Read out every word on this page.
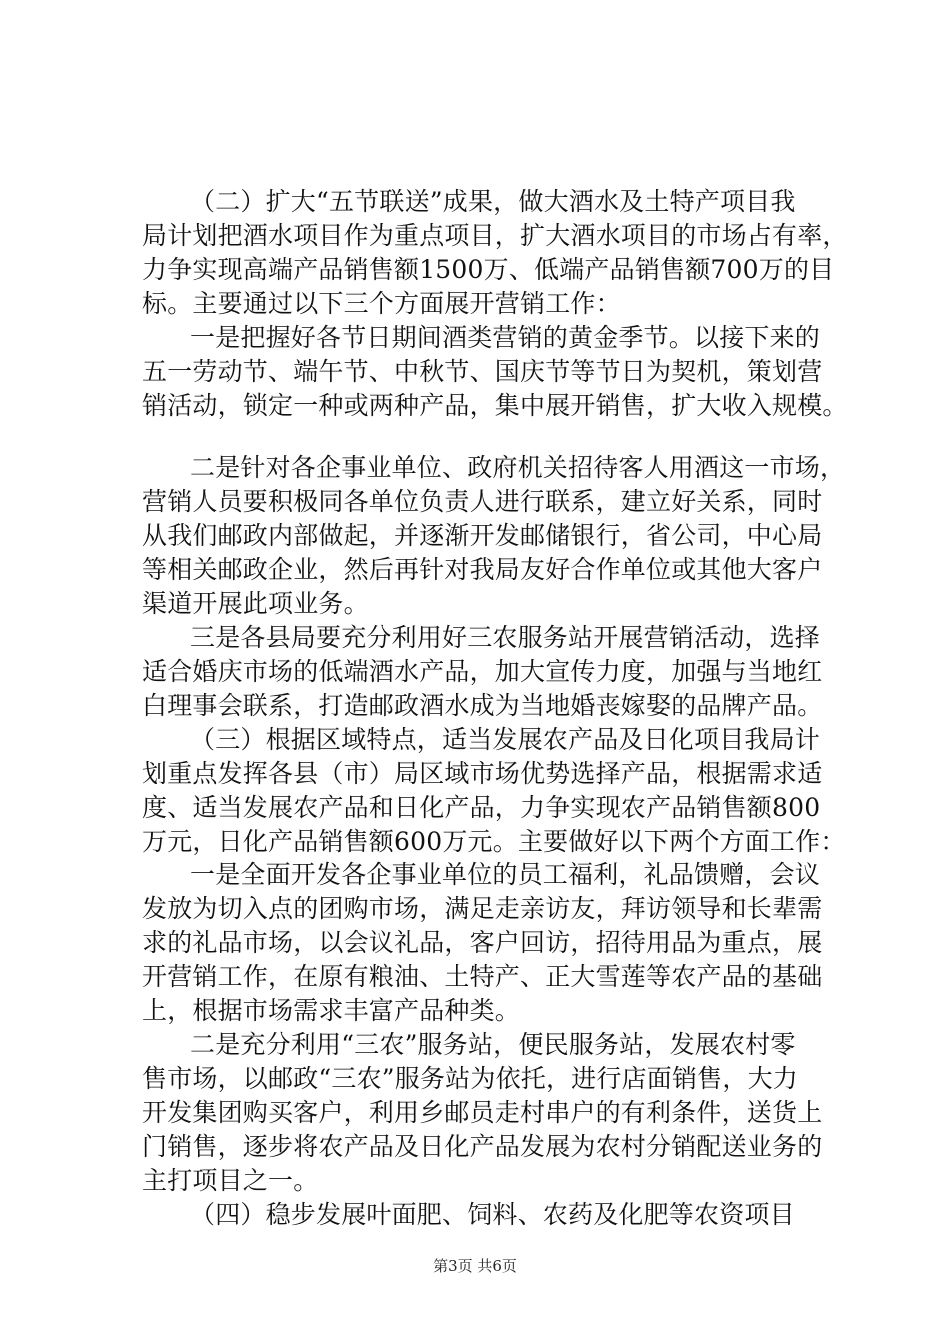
（二）扩大“五节联送”成果，做大酒水及土特产项目我
局计划把酒水项目作为重点项目，扩大酒水项目的市场占有率，
力争实现高端产品销售额1500万、低端产品销售额700万的目
标。主要通过以下三个方面展开营销工作：
一是把握好各节日期间酒类营销的黄金季节。以接下来的
五一劳动节、端午节、中秋节、国庆节等节日为契机，策划营
销活动，锁定一种或两种产品，集中展开销售，扩大收入规模。
二是针对各企事业单位、政府机关招待客人用酒这一市场，
营销人员要积极同各单位负责人进行联系，建立好关系，同时
从我们邮政内部做起，并逐渐开发邮储银行，省公司，中心局
等相关邮政企业，然后再针对我局友好合作单位或其他大客户
渠道开展此项业务。
三是各县局要充分利用好三农服务站开展营销活动，选择
适合婚庆市场的低端酒水产品，加大宣传力度，加强与当地红
白理事会联系，打造邮政酒水成为当地婚丧嫁娶的品牌产品。
（三）根据区域特点，适当发展农产品及日化项目我局计
划重点发挥各县（市）局区域市场优势选择产品，根据需求适
度、适当发展农产品和日化产品，力争实现农产品销售额800
万元，日化产品销售额600万元。主要做好以下两个方面工作：
一是全面开发各企事业单位的员工福利，礼品馈赠，会议
发放为切入点的团购市场，满足走亲访友，拜访领导和长辈需
求的礼品市场，以会议礼品，客户回访，招待用品为重点，展
开营销工作，在原有粮油、土特产、正大雪莲等农产品的基础
上，根据市场需求丰富产品种类。
二是充分利用“三农”服务站，便民服务站，发展农村零
售市场，以邮政“三农”服务站为依托，进行店面销售，大力
开发集团购买客户，利用乡邮员走村串户的有利条件，送货上
门销售，逐步将农产品及日化产品发展为农村分销配送业务的
主打项目之一。
（四）稳步发展叶面肥、饲料、农药及化肥等农资项目
第3页 共6页
